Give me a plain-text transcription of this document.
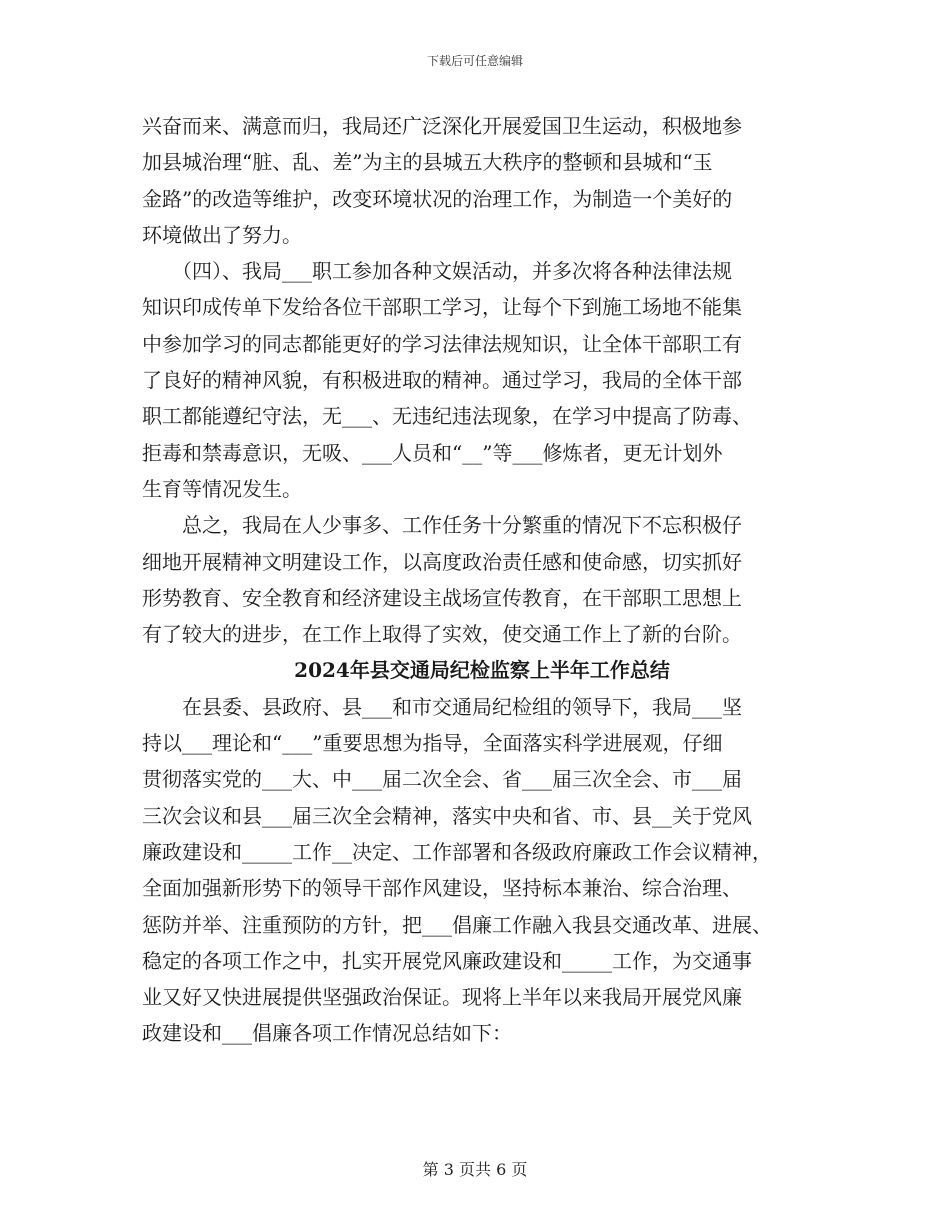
下载后可任意编辑
兴奋而来、满意而归，我局还广泛深化开展爱国卫生运动，积极地参
加县城治理“脏、乱、差”为主的县城五大秩序的整顿和县城和“玉
金路”的改造等维护，改变环境状况的治理工作，为制造一个美好的
环境做出了努力。
　　（四）、我局___职工参加各种文娱活动，并多次将各种法律法规
知识印成传单下发给各位干部职工学习，让每个下到施工场地不能集
中参加学习的同志都能更好的学习法律法规知识，让全体干部职工有
了良好的精神风貌，有积极进取的精神。通过学习，我局的全体干部
职工都能遵纪守法，无___、无违纪违法现象，在学习中提高了防毒、
拒毒和禁毒意识，无吸、___人员和“__”等___修炼者，更无计划外
生育等情况发生。
　　总之，我局在人少事多、工作任务十分繁重的情况下不忘积极仔
细地开展精神文明建设工作，以高度政治责任感和使命感，切实抓好
形势教育、安全教育和经济建设主战场宣传教育，在干部职工思想上
有了较大的进步，在工作上取得了实效，使交通工作上了新的台阶。
2024年县交通局纪检监察上半年工作总结
　　在县委、县政府、县___和市交通局纪检组的领导下，我局___坚
持以___理论和“___”重要思想为指导，全面落实科学进展观，仔细
贯彻落实党的___大、中___届二次全会、省___届三次全会、市___届
三次会议和县___届三次全会精神，落实中央和省、市、县__关于党风
廉政建设和_____工作__决定、工作部署和各级政府廉政工作会议精神，
全面加强新形势下的领导干部作风建设，坚持标本兼治、综合治理、
惩防并举、注重预防的方针，把___倡廉工作融入我县交通改革、进展、
稳定的各项工作之中，扎实开展党风廉政建设和_____工作，为交通事
业又好又快进展提供坚强政治保证。现将上半年以来我局开展党风廉
政建设和___倡廉各项工作情况总结如下：
第 3 页共 6 页
